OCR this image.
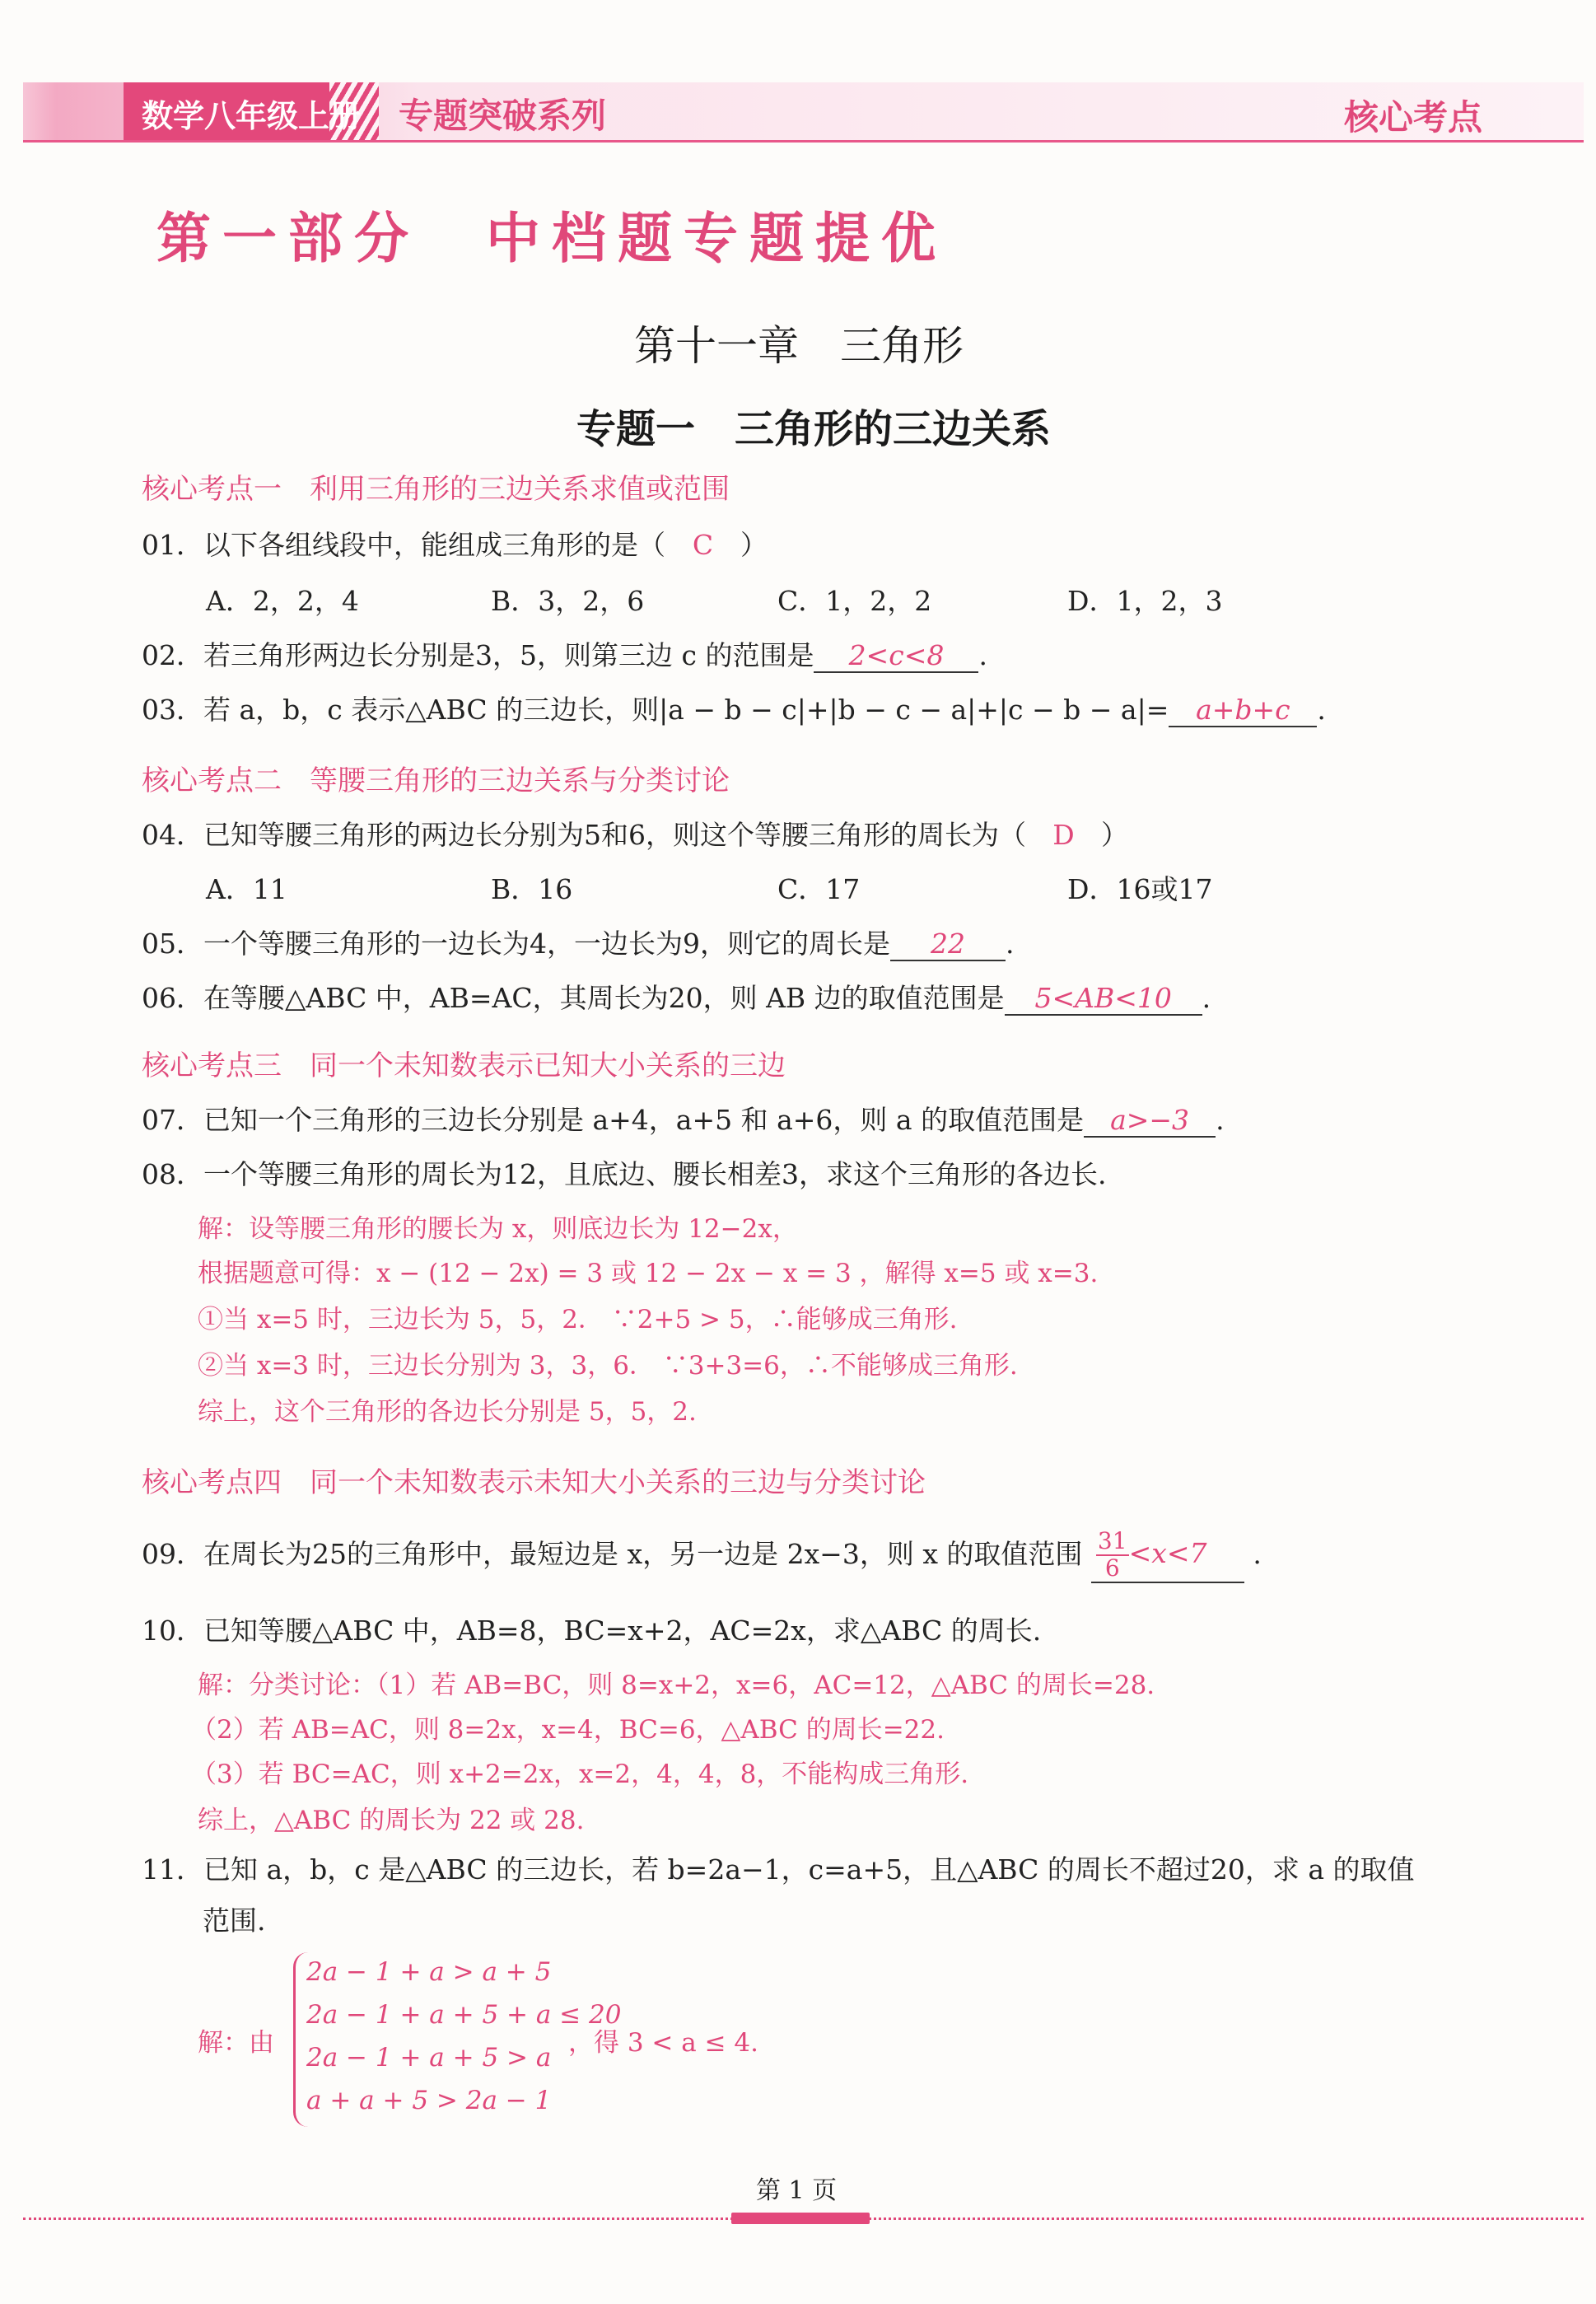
数学八年级上册 专题突破系列	核心考点
第一部分　中档题专题提优
第十一章　三角形
专题一　三角形的三边关系
核心考点一　利用三角形的三边关系求值或范围
01．以下各组线段中，能组成三角形的是（ C ）
A．2，2，4	B．3，2，6	C．1，2，2	D．1，2，3
02．若三角形两边长分别是3，5，则第三边 c 的范围是 2<c<8 .
03．若 a，b，c 表示△ABC 的三边长，则|a − b − c|+|b − c − a|+|c − b − a|= a+b+c .
核心考点二　等腰三角形的三边关系与分类讨论
04．已知等腰三角形的两边长分别为5和6，则这个等腰三角形的周长为（ D ）
A．11	B．16	C．17	D．16或17
05．一个等腰三角形的一边长为4，一边长为9，则它的周长是 22 .
06．在等腰△ABC 中，AB=AC，其周长为20，则 AB 边的取值范围是 5<AB<10 .
核心考点三　同一个未知数表示已知大小关系的三边
07．已知一个三角形的三边长分别是 a+4，a+5 和 a+6，则 a 的取值范围是 a>−3 .
08．一个等腰三角形的周长为12，且底边、腰长相差3，求这个三角形的各边长.
解：设等腰三角形的腰长为 x，则底边长为 12−2x，
根据题意可得：x − (12 − 2x) = 3 或 12 − 2x − x = 3 ，解得 x=5 或 x=3.
①当 x=5 时，三边长为 5，5，2． ∵2+5 > 5，∴能够成三角形.
②当 x=3 时，三边长分别为 3，3，6． ∵3+3=6，∴不能够成三角形.
综上，这个三角形的各边长分别是 5，5，2.
核心考点四　同一个未知数表示未知大小关系的三边与分类讨论
09．在周长为25的三角形中，最短边是 x，另一边是 2x−3，则 x 的取值范围 $\frac{31}{6} <x<7$ .
10．已知等腰△ABC 中，AB=8，BC=x+2，AC=2x，求△ABC 的周长.
解：分类讨论：（1）若 AB=BC，则 8=x+2，x=6，AC=12，△ABC 的周长=28.
（2）若 AB=AC，则 8=2x，x=4，BC=6，△ABC 的周长=22.
（3）若 BC=AC，则 x+2=2x，x=2，4，4，8，不能构成三角形.
综上，△ABC 的周长为 22 或 28.
11．已知 a，b，c 是△ABC 的三边长，若 b=2a−1，c=a+5，且△ABC 的周长不超过20，求 a 的取值
范围.
解：由
2a − 1 + a > a + 5
2a − 1 + a + 5 + a ≤ 20
2a − 1 + a + 5 > a
a + a + 5 > 2a − 1
，得 3 < a ≤ 4.
第 1 页
